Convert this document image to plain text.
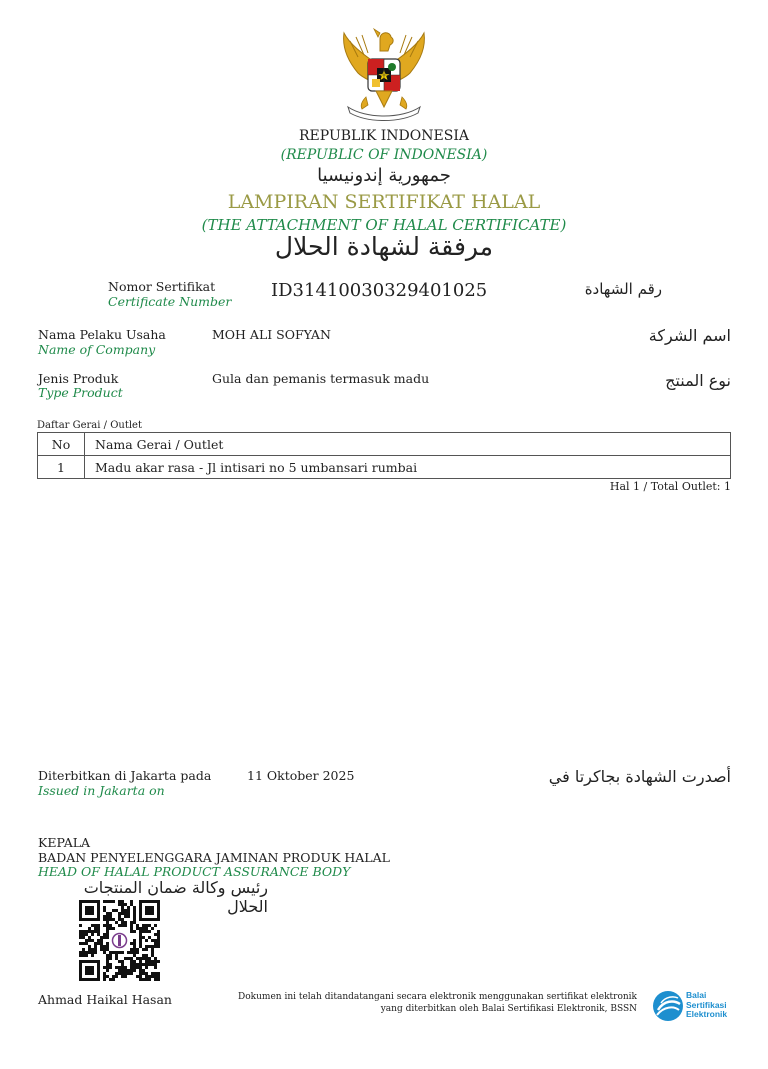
REPUBLIK INDONESIA
(REPUBLIC OF INDONESIA)
جمهورية إندونيسيا
LAMPIRAN SERTIFIKAT HALAL
(THE ATTACHMENT OF HALAL CERTIFICATE)
مرفقة لشهادة الحلال
Nomor Sertifikat
Certificate Number
ID31410030329401025	رقم الشهادة
Nama Pelaku Usaha
Name of Company
MOH ALI SOFYAN	اسم الشركة
Jenis Produk
Type Product
Gula dan pemanis termasuk madu	نوع المنتج
Daftar Gerai / Outlet
No	Nama Gerai / Outlet
1	Madu akar rasa - Jl intisari no 5 umbansari rumbai
Hal 1 / Total Outlet: 1
Diterbitkan di Jakarta pada
Issued in Jakarta on
11 Oktober 2025	أصدرت الشهادة بجاكرتا في
KEPALA
BADAN PENYELENGGARA JAMINAN PRODUK HALAL
HEAD OF HALAL PRODUCT ASSURANCE BODY
رئيس وكالة ضمان المنتجات الحلال
Ahmad Haikal Hasan	Dokumen ini telah ditandatangani secara elektronik menggunakan sertifikat elektronik
yang diterbitkan oleh Balai Sertifikasi Elektronik, BSSN
Balai
Sertifikasi
Elektronik
